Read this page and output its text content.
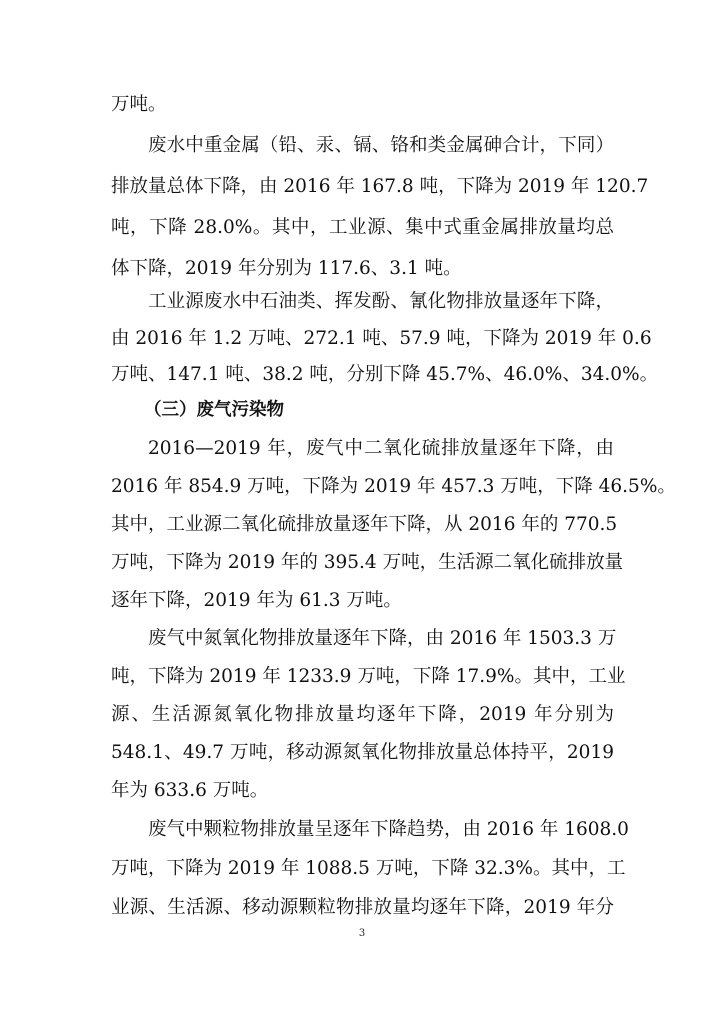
万吨。
废水中重金属（铅、汞、镉、铬和类金属砷合计，下同）
排放量总体下降，由 2016 年 167.8 吨，下降为 2019 年 120.7
吨，下降 28.0%。其中，工业源、集中式重金属排放量均总
体下降，2019 年分别为 117.6、3.1 吨。
工业源废水中石油类、挥发酚、氰化物排放量逐年下降，
由 2016 年 1.2 万吨、272.1 吨、57.9 吨，下降为 2019 年 0.6
万吨、147.1 吨、38.2 吨，分别下降 45.7%、46.0%、34.0%。
（三）废气污染物
2016—2019 年，废气中二氧化硫排放量逐年下降，由
2016 年 854.9 万吨，下降为 2019 年 457.3 万吨，下降 46.5%。
其中，工业源二氧化硫排放量逐年下降，从 2016 年的 770.5
万吨，下降为 2019 年的 395.4 万吨，生活源二氧化硫排放量
逐年下降，2019 年为 61.3 万吨。
废气中氮氧化物排放量逐年下降，由 2016 年 1503.3 万
吨，下降为 2019 年 1233.9 万吨，下降 17.9%。其中，工业
源、生活源氮氧化物排放量均逐年下降，2019 年分别为
548.1、49.7 万吨，移动源氮氧化物排放量总体持平，2019
年为 633.6 万吨。
废气中颗粒物排放量呈逐年下降趋势，由 2016 年 1608.0
万吨，下降为 2019 年 1088.5 万吨，下降 32.3%。其中，工
业源、生活源、移动源颗粒物排放量均逐年下降，2019 年分
3
